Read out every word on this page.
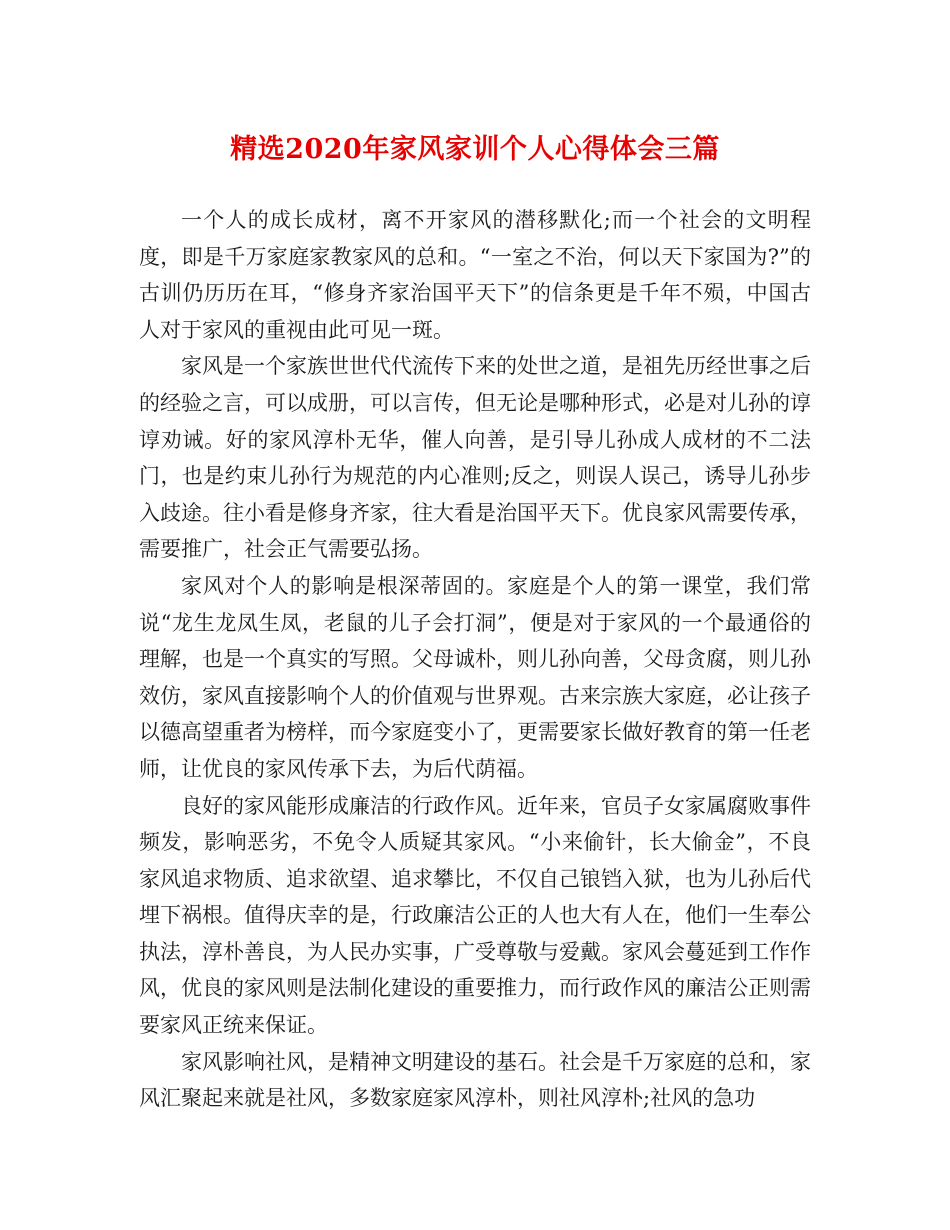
精选2020年家风家训个人心得体会三篇

一个人的成长成材，离不开家风的潜移默化;而一个社会的文明程度，即是千万家庭家教家风的总和。“一室之不治，何以天下家国为?”的古训仍历历在耳，“修身齐家治国平天下”的信条更是千年不殒，中国古人对于家风的重视由此可见一斑。

家风是一个家族世世代代流传下来的处世之道，是祖先历经世事之后的经验之言，可以成册，可以言传，但无论是哪种形式，必是对儿孙的谆谆劝诫。好的家风淳朴无华，催人向善，是引导儿孙成人成材的不二法门，也是约束儿孙行为规范的内心准则;反之，则误人误己，诱导儿孙步入歧途。往小看是修身齐家，往大看是治国平天下。优良家风需要传承，需要推广，社会正气需要弘扬。

家风对个人的影响是根深蒂固的。家庭是个人的第一课堂，我们常说“龙生龙凤生凤，老鼠的儿子会打洞”，便是对于家风的一个最通俗的理解，也是一个真实的写照。父母诚朴，则儿孙向善，父母贪腐，则儿孙效仿，家风直接影响个人的价值观与世界观。古来宗族大家庭，必让孩子以德高望重者为榜样，而今家庭变小了，更需要家长做好教育的第一任老师，让优良的家风传承下去，为后代荫福。

良好的家风能形成廉洁的行政作风。近年来，官员子女家属腐败事件频发，影响恶劣，不免令人质疑其家风。“小来偷针，长大偷金”，不良家风追求物质、追求欲望、追求攀比，不仅自己锒铛入狱，也为儿孙后代埋下祸根。值得庆幸的是，行政廉洁公正的人也大有人在，他们一生奉公执法，淳朴善良，为人民办实事，广受尊敬与爱戴。家风会蔓延到工作作风，优良的家风则是法制化建设的重要推力，而行政作风的廉洁公正则需要家风正统来保证。

家风影响社风，是精神文明建设的基石。社会是千万家庭的总和，家风汇聚起来就是社风，多数家庭家风淳朴，则社风淳朴;社风的急功
